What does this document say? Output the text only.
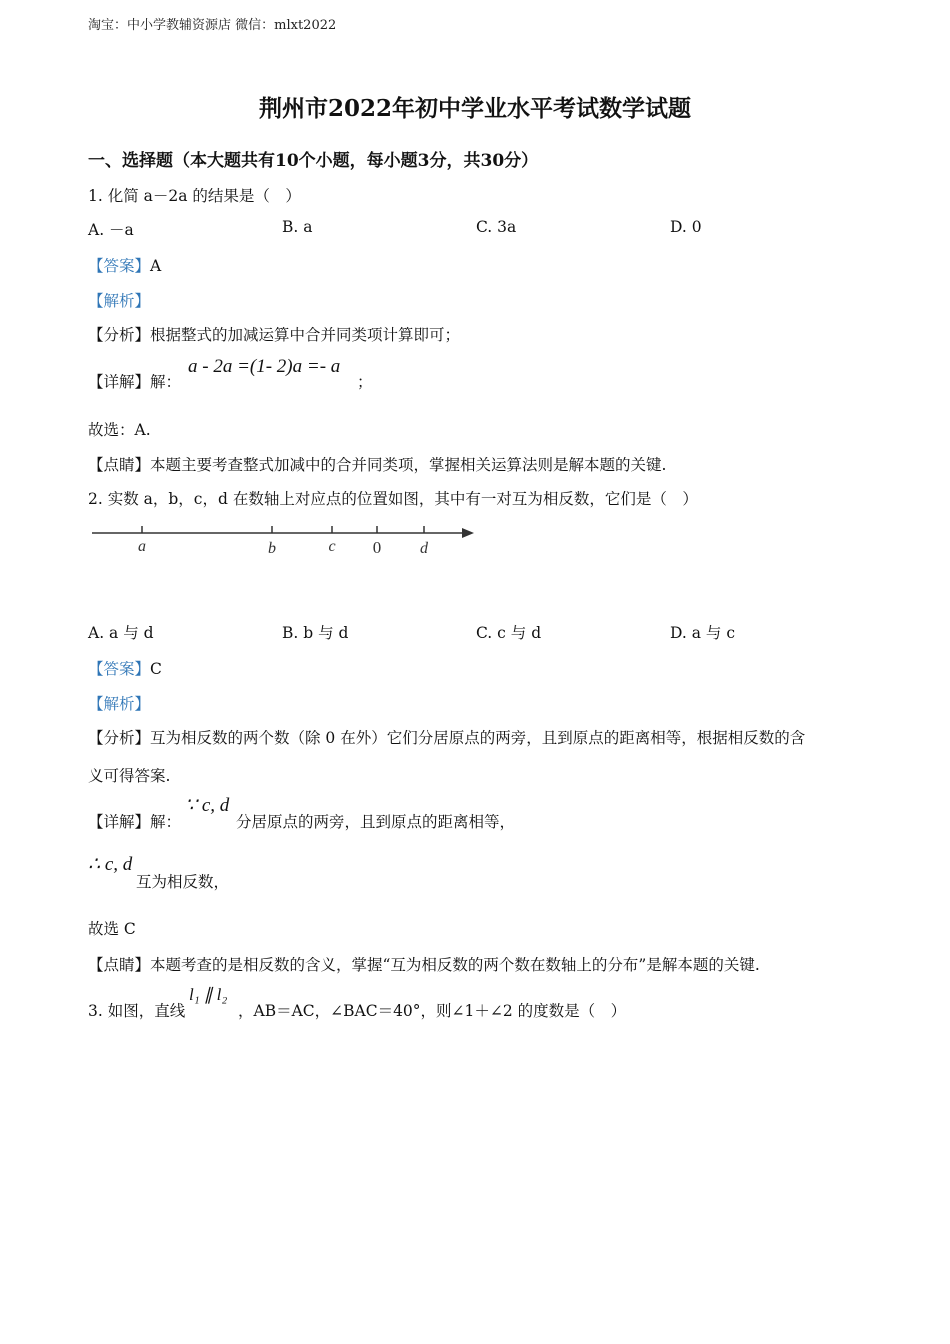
淘宝：中小学教辅资源店 微信：mlxt2022
荆州市2022年初中学业水平考试数学试题
一、选择题（本大题共有10个小题，每小题3分，共30分）
1. 化简 a－2a 的结果是（　）
A. －a	B. a	C. 3a	D. 0
【答案】A
【解析】
【分析】根据整式的加减运算中合并同类项计算即可；
【详解】解：
a - 2a =(1- 2)a =- a
；
故选：A.
【点睛】本题主要考查整式加减中的合并同类项，掌握相关运算法则是解本题的关键.
2. 实数 a，b，c，d 在数轴上对应点的位置如图，其中有一对互为相反数，它们是（　）
a	b	c 0 d
A. a 与 d	B. b 与 d	C. c 与 d	D. a 与 c
【答案】C
【解析】
【分析】互为相反数的两个数（除 0 在外）它们分居原点的两旁，且到原点的距离相等，根据相反数的含
义可得答案.
【详解】解：
∵ c, d
分居原点的两旁，且到原点的距离相等，
∴ c, d
互为相反数，
故选 C
【点睛】本题考查的是相反数的含义，掌握“互为相反数的两个数在数轴上的分布”是解本题的关键.
3. 如图，直线
l₁ ∥ l₂
，AB＝AC，∠BAC＝40°，则∠1＋∠2 的度数是（　）
